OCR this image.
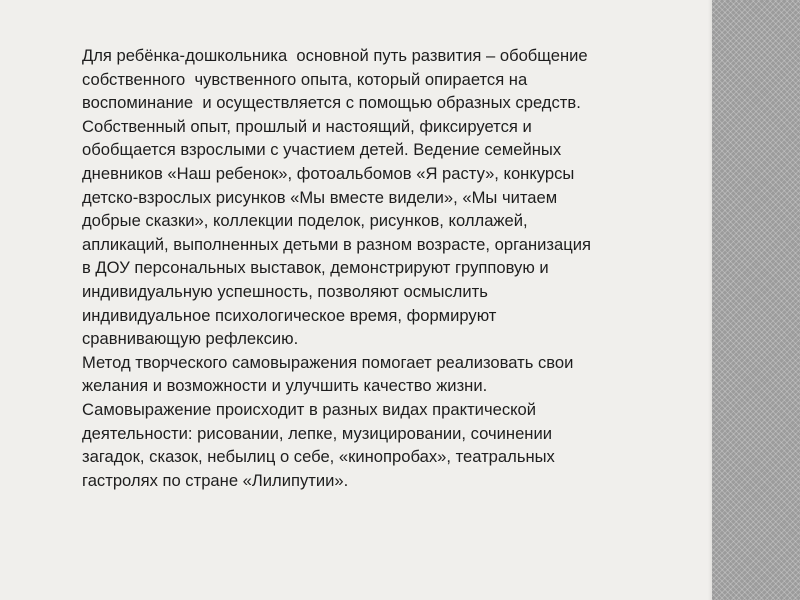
Для ребёнка-дошкольника  основной путь развития – обобщение
собственного  чувственного опыта, который опирается на
воспоминание  и осуществляется с помощью образных средств.
Собственный опыт, прошлый и настоящий, фиксируется и
обобщается взрослыми с участием детей. Ведение семейных
дневников «Наш ребенок», фотоальбомов «Я расту», конкурсы
детско-взрослых рисунков «Мы вместе видели», «Мы читаем
добрые сказки», коллекции поделок, рисунков, коллажей,
апликаций, выполненных детьми в разном возрасте, организация
в ДОУ персональных выставок, демонстрируют групповую и
индивидуальную успешность, позволяют осмыслить
индивидуальное психологическое время, формируют
сравнивающую рефлексию.
Метод творческого самовыражения помогает реализовать свои
желания и возможности и улучшить качество жизни.
Самовыражение происходит в разных видах практической
деятельности: рисовании, лепке, музицировании, сочинении
загадок, сказок, небылиц о себе, «кинопробах», театральных
гастролях по стране «Лилипутии».
